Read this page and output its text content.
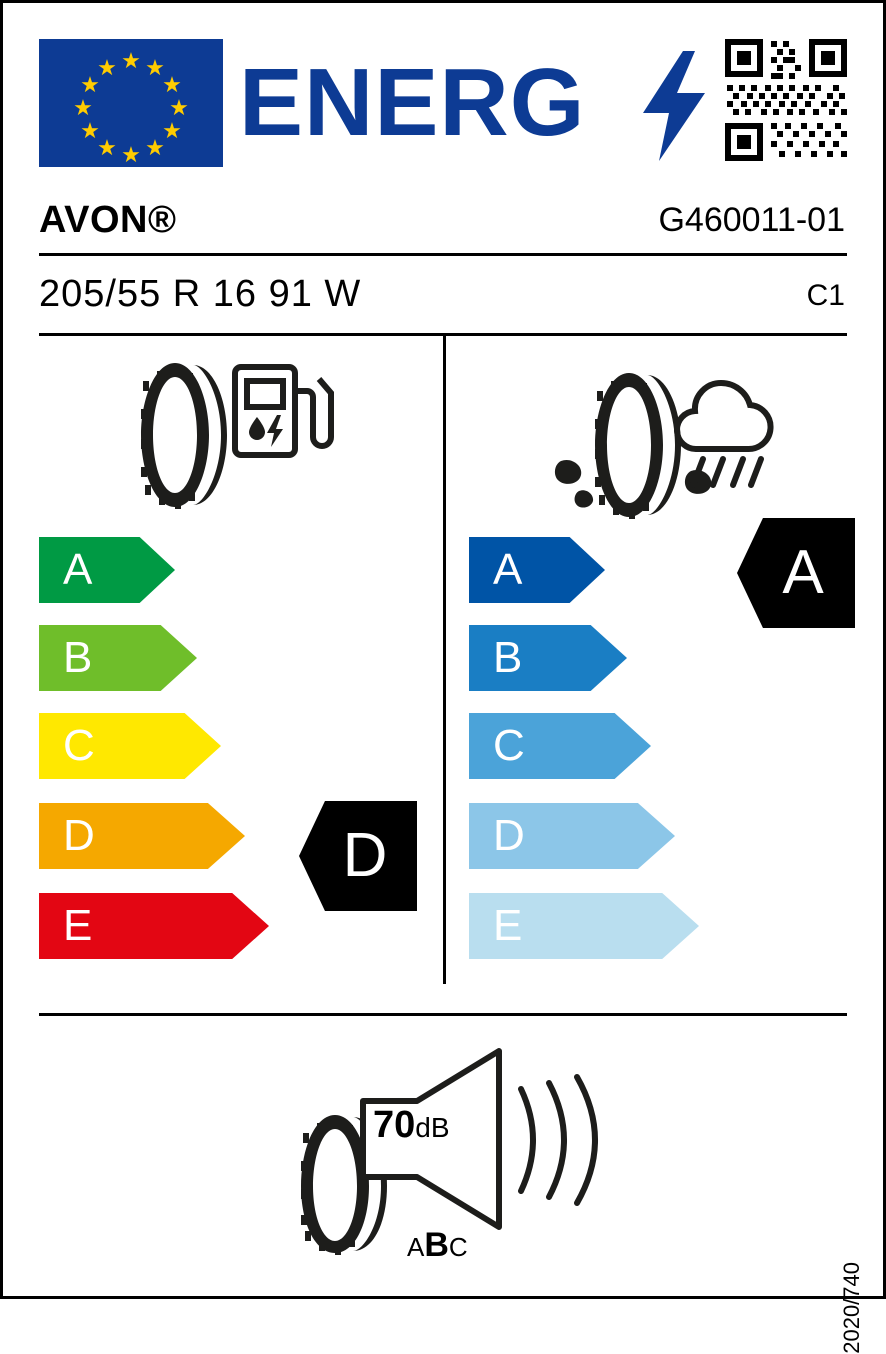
★ ★
★
★
★
★
★
★
★
★
★
★ ENERG
AVON®	G460011-01
205/55 R 16 91 W	C1
A
B
C
D
E
D
A
B
C
D
E
A
70dB
ABC
2020/740
